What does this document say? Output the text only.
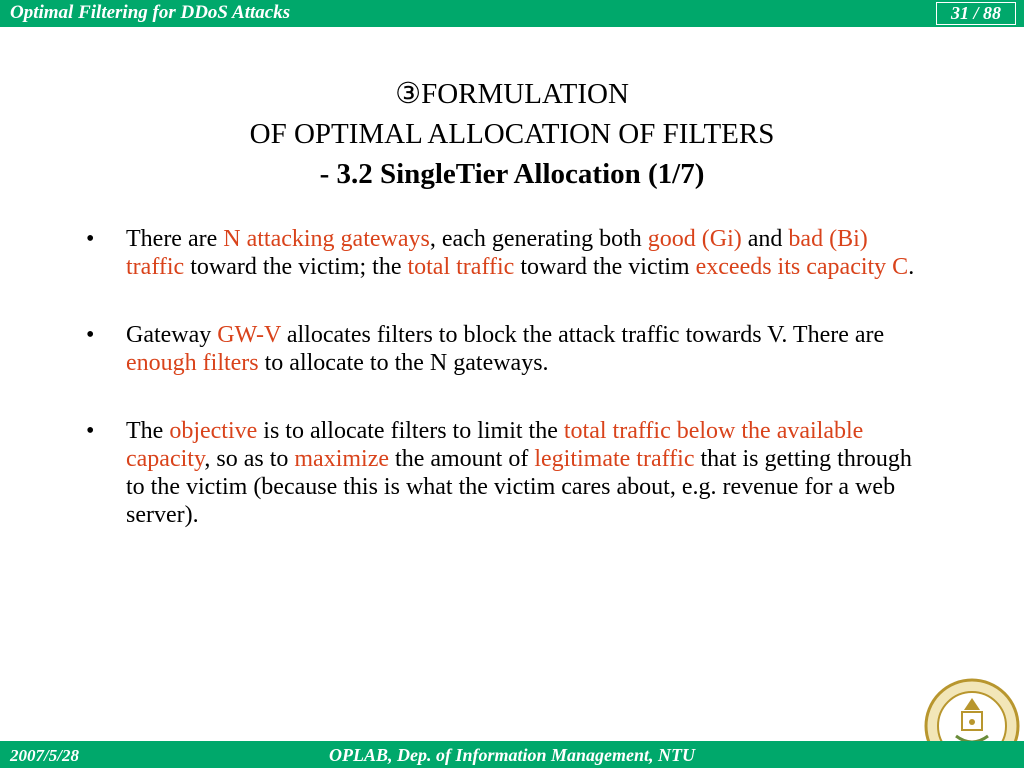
Optimal Filtering for DDoS Attacks	31 / 88
③FORMULATION
OF OPTIMAL ALLOCATION OF FILTERS
- 3.2 SingleTier Allocation (1/7)
• There are N attacking gateways, each generating both good (Gi) and bad (Bi) traffic toward the victim; the total traffic toward the victim exceeds its capacity C.
• Gateway GW-V allocates filters to block the attack traffic towards V. There are enough filters to allocate to the N gateways.
• The objective is to allocate filters to limit the total traffic below the available capacity, so as to maximize the amount of legitimate traffic that is getting through to the victim (because this is what the victim cares about, e.g. revenue for a web server).
2007/5/28	OPLAB, Dep. of Information Management, NTU
